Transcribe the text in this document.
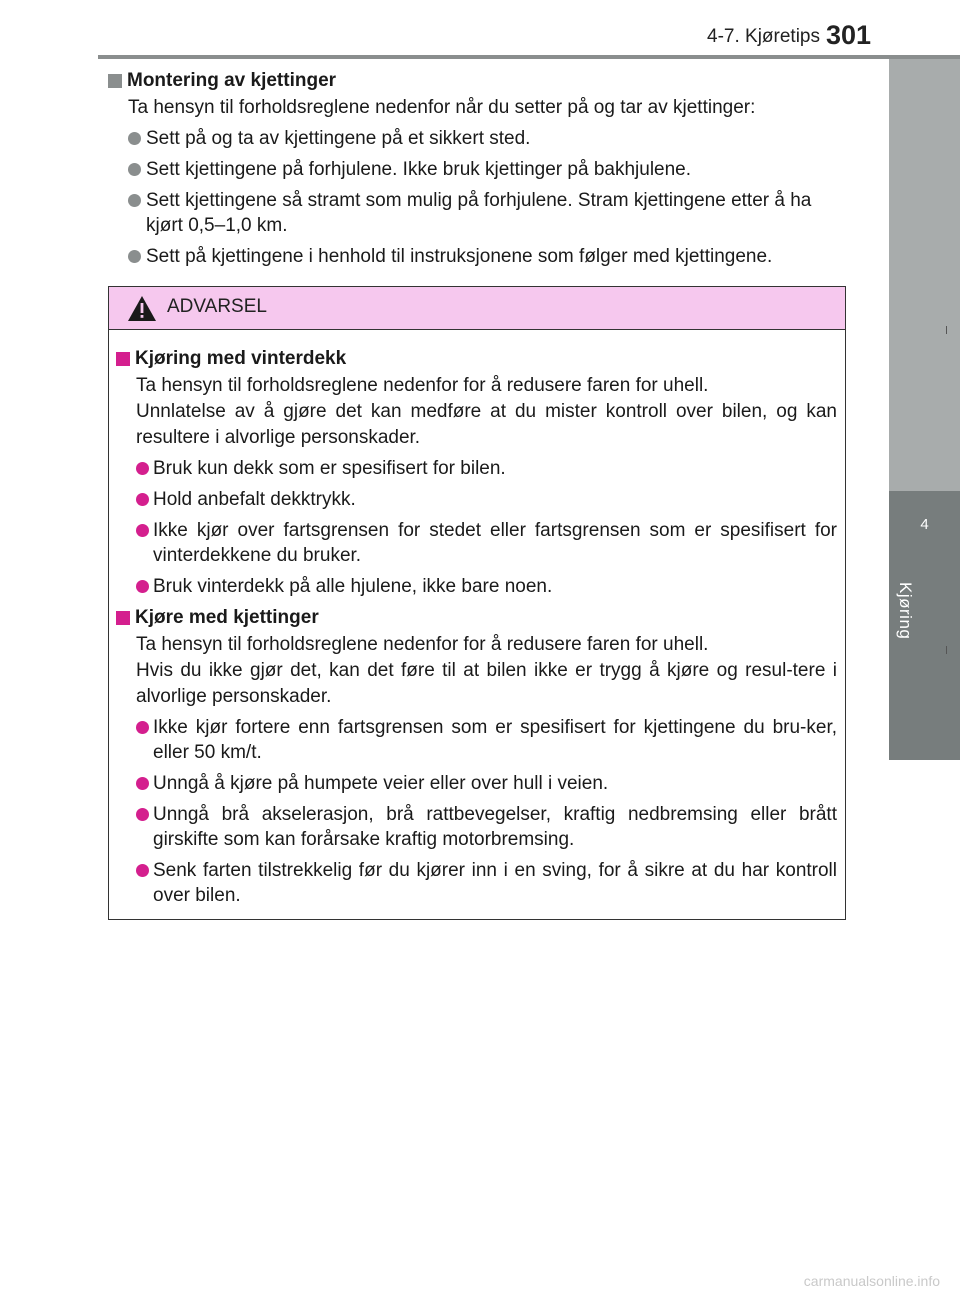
4-7. Kjøretips 301
4
Kjøring
Montering av kjettinger
Ta hensyn til forholdsreglene nedenfor når du setter på og tar av kjettinger:
Sett på og ta av kjettingene på et sikkert sted.
Sett kjettingene på forhjulene. Ikke bruk kjettinger på bakhjulene.
Sett kjettingene så stramt som mulig på forhjulene. Stram kjettingene etter å ha kjørt 0,5–1,0 km.
Sett på kjettingene i henhold til instruksjonene som følger med kjettingene.
ADVARSEL
Kjøring med vinterdekk
Ta hensyn til forholdsreglene nedenfor for å redusere faren for uhell.
Unnlatelse av å gjøre det kan medføre at du mister kontroll over bilen, og kan resultere i alvorlige personskader.
Bruk kun dekk som er spesifisert for bilen.
Hold anbefalt dekktrykk.
Ikke kjør over fartsgrensen for stedet eller fartsgrensen som er spesifisert for vinterdekkene du bruker.
Bruk vinterdekk på alle hjulene, ikke bare noen.
Kjøre med kjettinger
Ta hensyn til forholdsreglene nedenfor for å redusere faren for uhell.
Hvis du ikke gjør det, kan det føre til at bilen ikke er trygg å kjøre og resul-tere i alvorlige personskader.
Ikke kjør fortere enn fartsgrensen som er spesifisert for kjettingene du bru-ker, eller 50 km/t.
Unngå å kjøre på humpete veier eller over hull i veien.
Unngå brå akselerasjon, brå rattbevegelser, kraftig nedbremsing eller brått girskifte som kan forårsake kraftig motorbremsing.
Senk farten tilstrekkelig før du kjører inn i en sving, for å sikre at du har kontroll over bilen.
carmanualsonline.info
